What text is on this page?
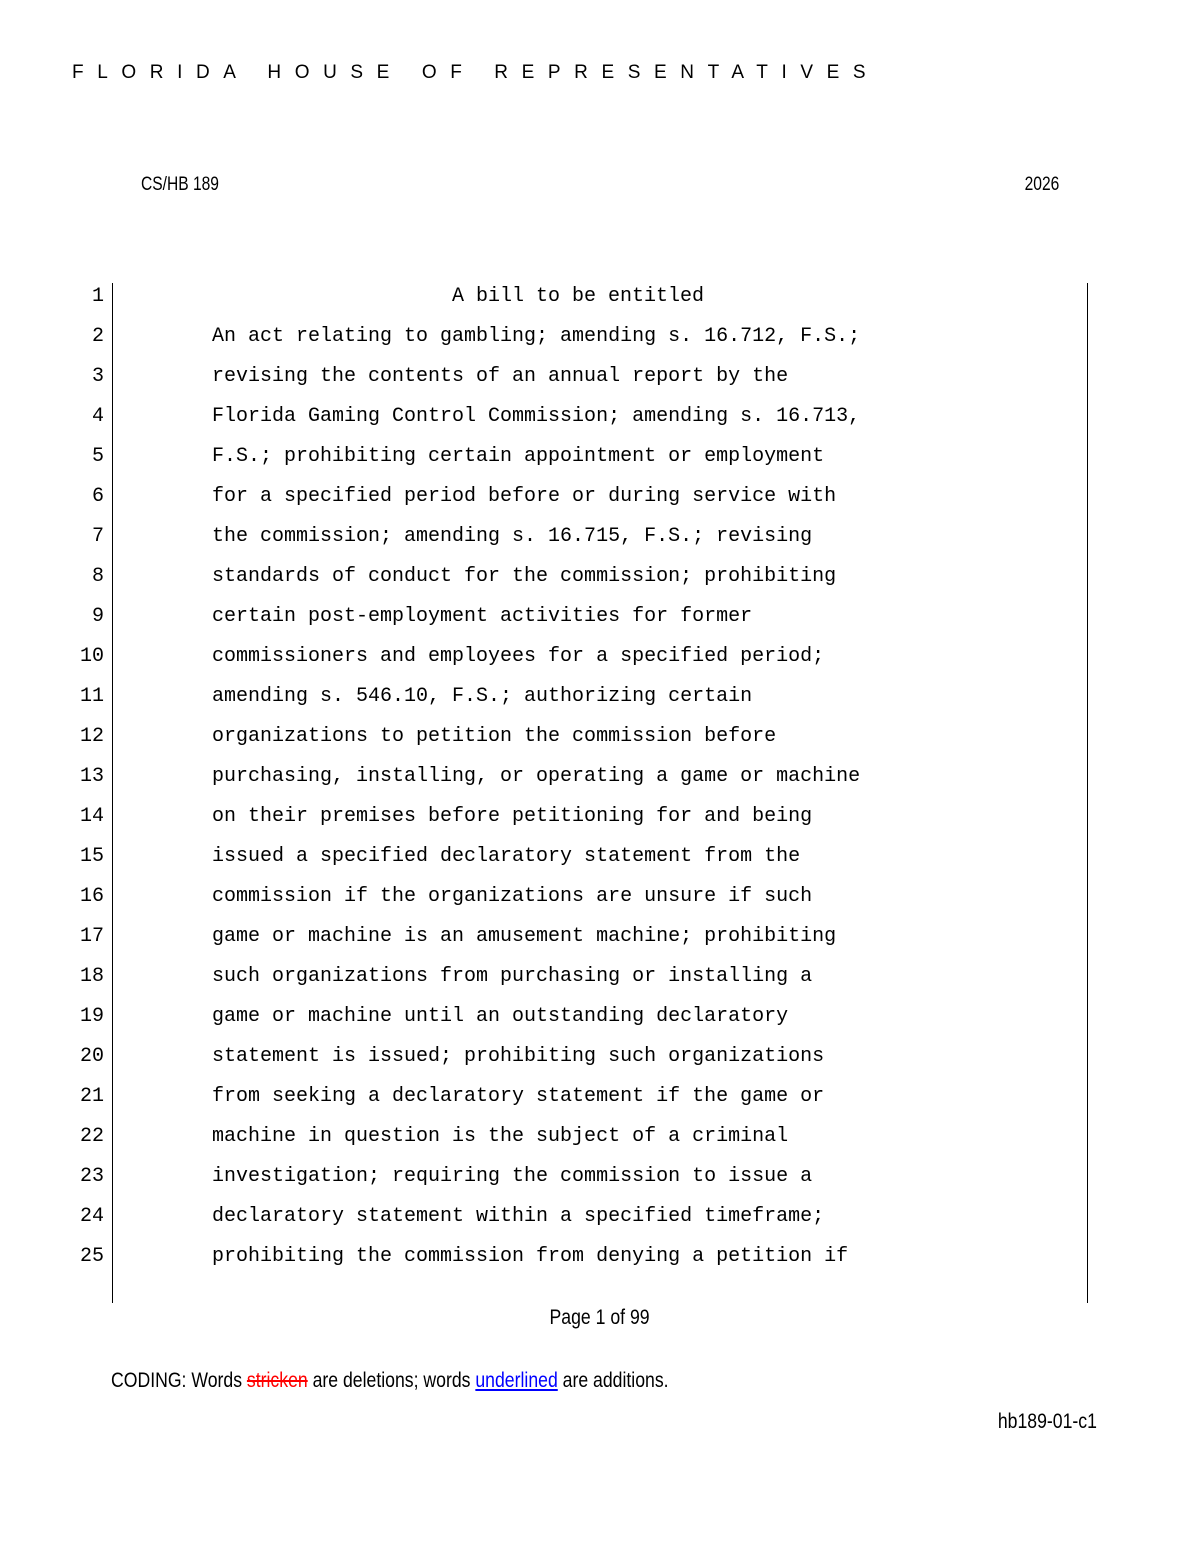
FLORIDA HOUSE OF REPRESENTATIVES
CS/HB 189	2026
1	A bill to be entitled
2	An act relating to gambling; amending s. 16.712, F.S.;
3	revising the contents of an annual report by the
4	Florida Gaming Control Commission; amending s. 16.713,
5	F.S.; prohibiting certain appointment or employment
6	for a specified period before or during service with
7	the commission; amending s. 16.715, F.S.; revising
8	standards of conduct for the commission; prohibiting
9	certain post-employment activities for former
10	commissioners and employees for a specified period;
11	amending s. 546.10, F.S.; authorizing certain
12	organizations to petition the commission before
13	purchasing, installing, or operating a game or machine
14	on their premises before petitioning for and being
15	issued a specified declaratory statement from the
16	commission if the organizations are unsure if such
17	game or machine is an amusement machine; prohibiting
18	such organizations from purchasing or installing a
19	game or machine until an outstanding declaratory
20	statement is issued; prohibiting such organizations
21	from seeking a declaratory statement if the game or
22	machine in question is the subject of a criminal
23	investigation; requiring the commission to issue a
24	declaratory statement within a specified timeframe;
25	prohibiting the commission from denying a petition if
Page 1 of 99
CODING: Words stricken are deletions; words underlined are additions.
hb189-01-c1
